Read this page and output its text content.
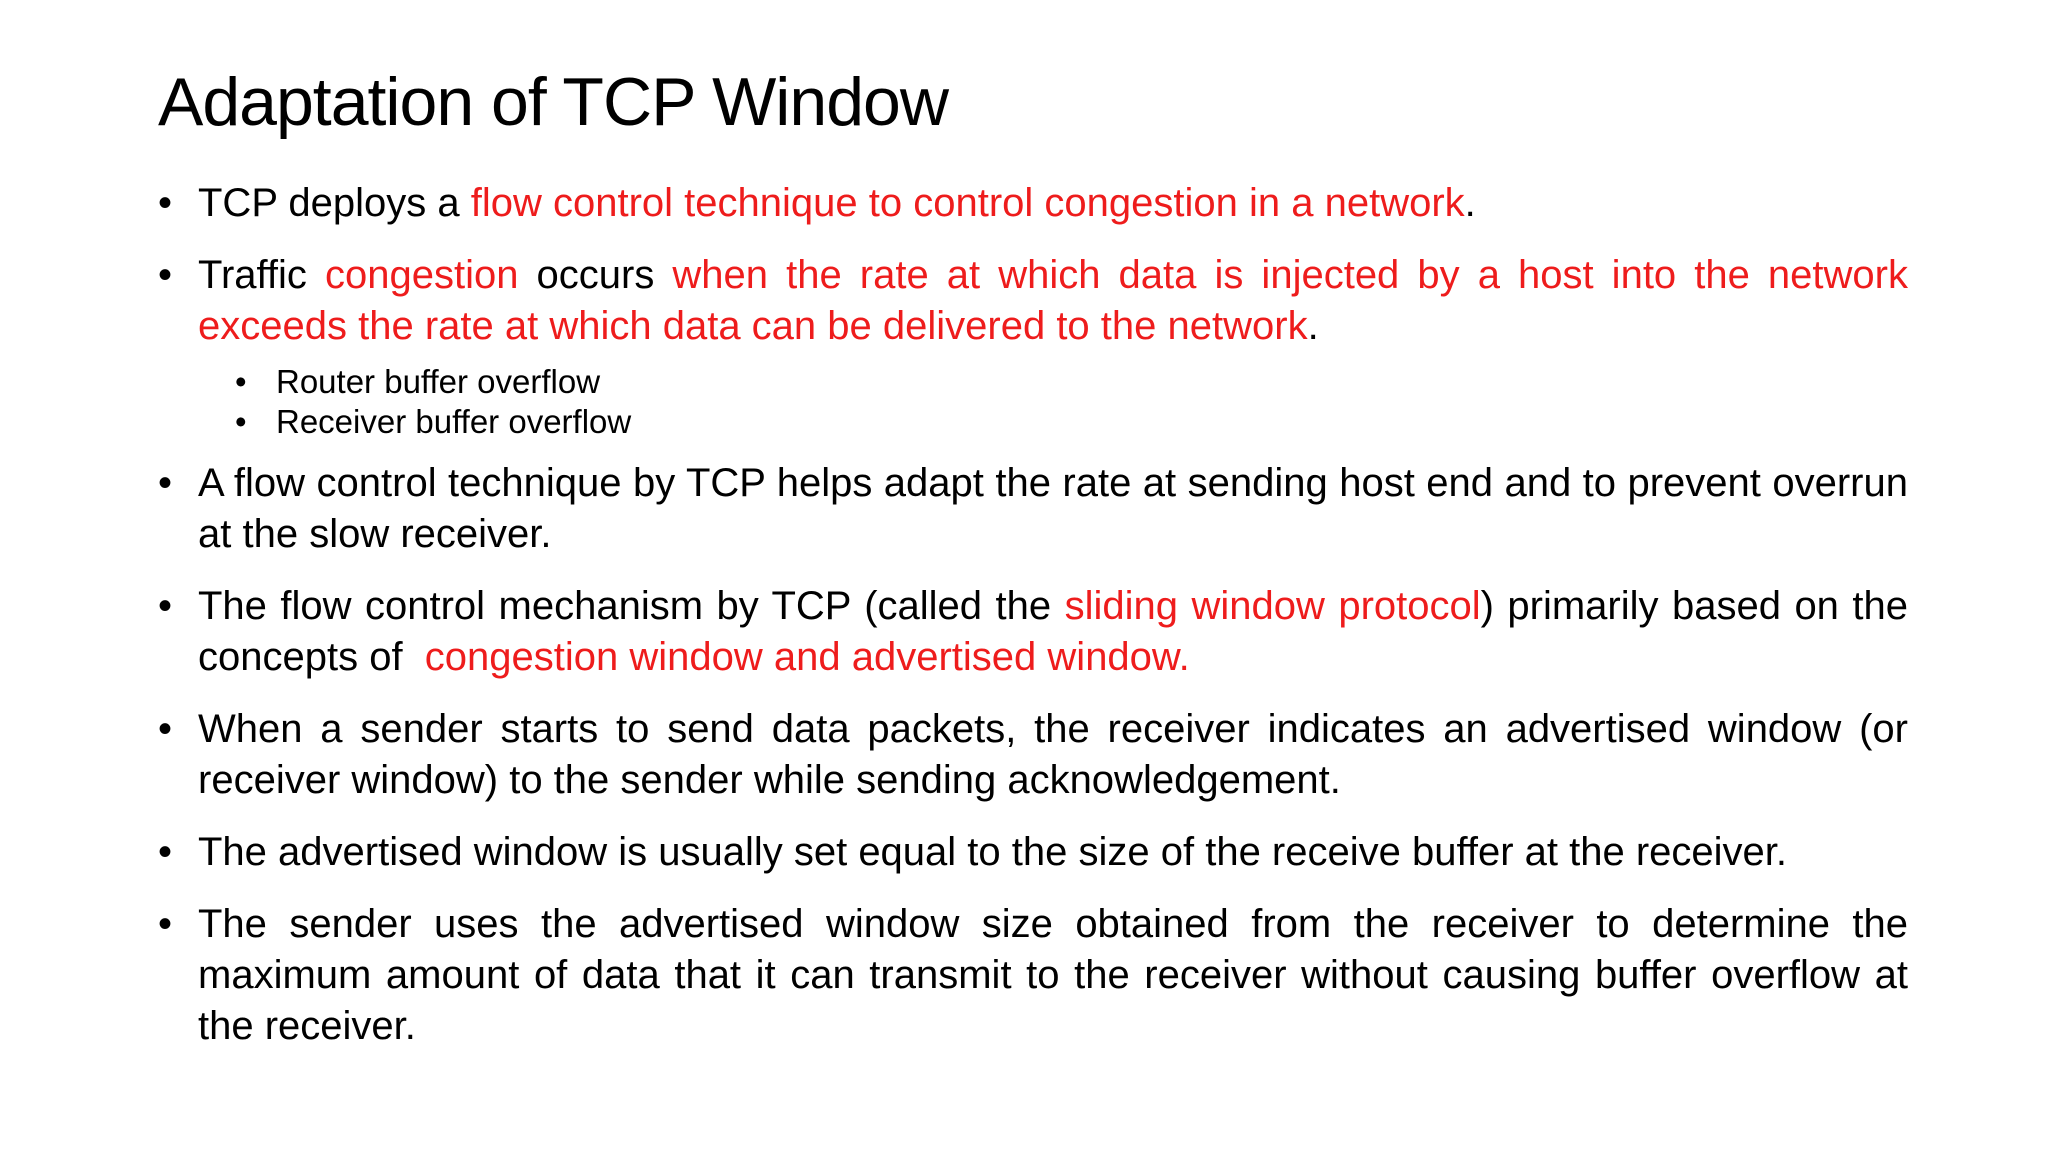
Adaptation of TCP Window
• TCP deploys a flow control technique to control congestion in a network.
• Traffic congestion occurs when the rate at which data is injected by a host into the network exceeds the rate at which data can be delivered to the network.
• Router buffer overflow
• Receiver buffer overflow
• A flow control technique by TCP helps adapt the rate at sending host end and to prevent overrun at the slow receiver.
• The flow control mechanism by TCP (called the sliding window protocol) primarily based on the concepts of  congestion window and advertised window.
• When a sender starts to send data packets, the receiver indicates an advertised window (or receiver window) to the sender while sending acknowledgement.
• The advertised window is usually set equal to the size of the receive buffer at the receiver.
• The sender uses the advertised window size obtained from the receiver to determine the maximum amount of data that it can transmit to the receiver without causing buffer overflow at the receiver.
